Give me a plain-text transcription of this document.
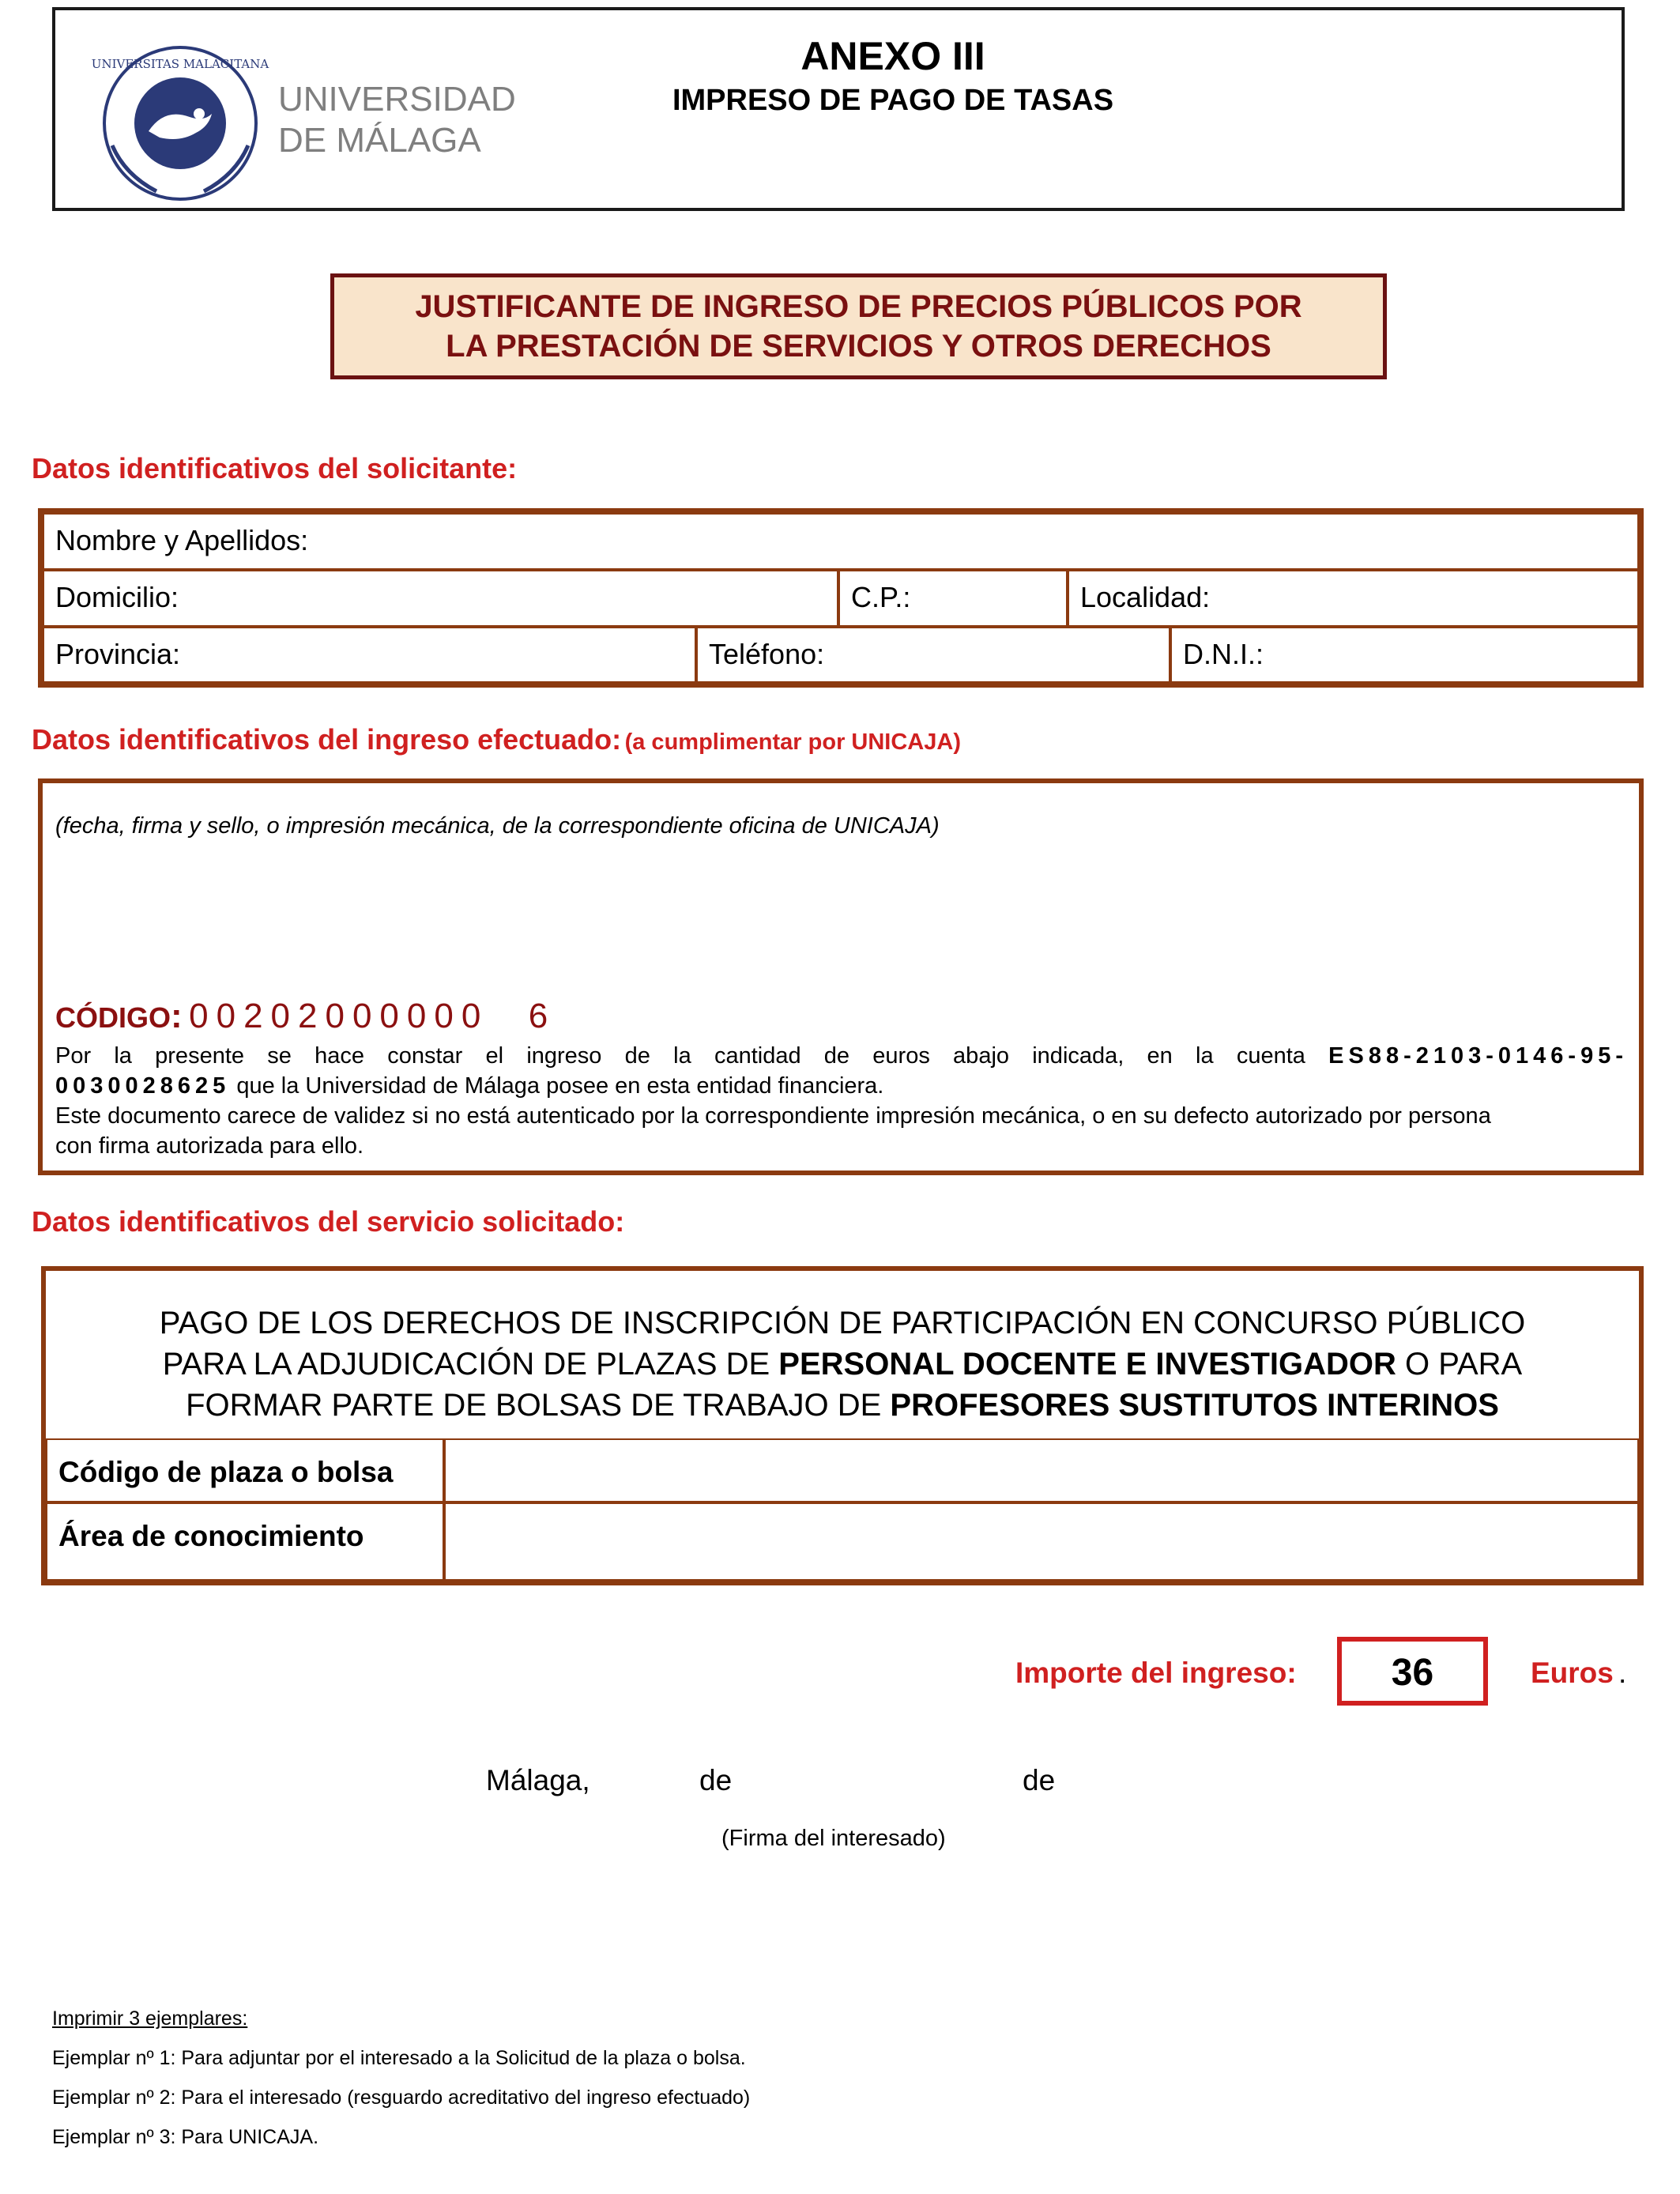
UNIVERSITAS MALACITANA
UNIVERSIDAD
DE MÁLAGA
ANEXO III
IMPRESO DE PAGO DE TASAS
JUSTIFICANTE DE INGRESO DE PRECIOS PÚBLICOS POR
LA PRESTACIÓN DE SERVICIOS Y OTROS DERECHOS
Datos identificativos del solicitante:
Nombre y Apellidos:
Domicilio:	C.P.:	Localidad:
Provincia:	Teléfono:	D.N.I.:
Datos identificativos del ingreso efectuado: (a cumplimentar por UNICAJA)
(fecha, firma y sello, o impresión mecánica, de la correspondiente oficina de UNICAJA)
CÓDIGO: 00202000000 6
Por la presente se hace constar el ingreso de la cantidad de euros abajo indicada, en la cuenta ES88-2103-0146-95-
0030028625 que la Universidad de Málaga posee en esta entidad financiera.
Este documento carece de validez si no está autenticado por la correspondiente impresión mecánica, o en su defecto autorizado por persona
con firma autorizada para ello.
Datos identificativos del servicio solicitado:
PAGO DE LOS DERECHOS DE INSCRIPCIÓN DE PARTICIPACIÓN EN CONCURSO PÚBLICO
PARA LA ADJUDICACIÓN DE PLAZAS DE PERSONAL DOCENTE E INVESTIGADOR O PARA
FORMAR PARTE DE BOLSAS DE TRABAJO DE PROFESORES SUSTITUTOS INTERINOS
Código de plaza o bolsa
Área de conocimiento
Importe del ingreso:	36	Euros .
Málaga,	de	de
(Firma del interesado)
Imprimir 3 ejemplares:
Ejemplar nº 1: Para adjuntar por el interesado a la Solicitud de la plaza o bolsa.
Ejemplar nº 2: Para el interesado (resguardo acreditativo del ingreso efectuado)
Ejemplar nº 3: Para UNICAJA.
